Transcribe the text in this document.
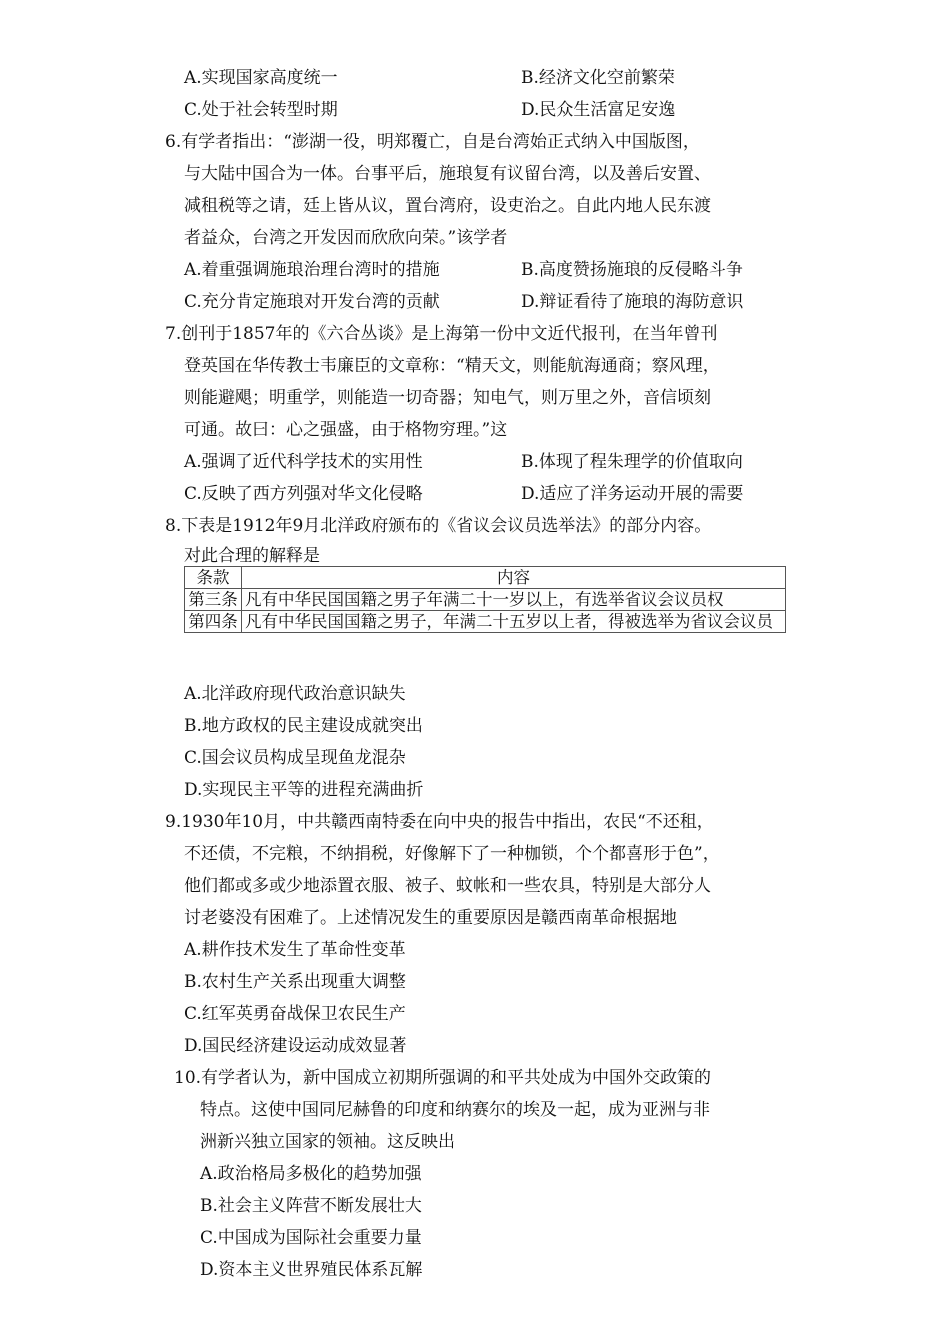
A.实现国家高度统一	B.经济文化空前繁荣
C.处于社会转型时期	D.民众生活富足安逸
6.有学者指出：“澎湖一役，明郑覆亡，自是台湾始正式纳入中国版图，
与大陆中国合为一体。台事平后，施琅复有议留台湾，以及善后安置、
减租税等之请，廷上皆从议，置台湾府，设吏治之。自此内地人民东渡
者益众，台湾之开发因而欣欣向荣。”该学者
A.着重强调施琅治理台湾时的措施	B.高度赞扬施琅的反侵略斗争
C.充分肯定施琅对开发台湾的贡献	D.辩证看待了施琅的海防意识
7.创刊于1857年的《六合丛谈》是上海第一份中文近代报刊，在当年曾刊
登英国在华传教士韦廉臣的文章称：“精天文，则能航海通商；察风理，
则能避飓；明重学，则能造一切奇器；知电气，则万里之外，音信顷刻
可通。故曰：心之强盛，由于格物穷理。”这
A.强调了近代科学技术的实用性	B.体现了程朱理学的价值取向
C.反映了西方列强对华文化侵略	D.适应了洋务运动开展的需要
8.下表是1912年9月北洋政府颁布的《省议会议员选举法》的部分内容。
对此合理的解释是
条款	内容
第三条	凡有中华民国国籍之男子年满二十一岁以上，有选举省议会议员权
第四条	凡有中华民国国籍之男子，年满二十五岁以上者，得被选举为省议会议员
A.北洋政府现代政治意识缺失
B.地方政权的民主建设成就突出
C.国会议员构成呈现鱼龙混杂
D.实现民主平等的进程充满曲折
9.1930年10月，中共赣西南特委在向中央的报告中指出，农民“不还租，
不还债，不完粮，不纳捐税，好像解下了一种枷锁，个个都喜形于色”，
他们都或多或少地添置衣服、被子、蚊帐和一些农具，特别是大部分人
讨老婆没有困难了。上述情况发生的重要原因是赣西南革命根据地
A.耕作技术发生了革命性变革
B.农村生产关系出现重大调整
C.红军英勇奋战保卫农民生产
D.国民经济建设运动成效显著
10.有学者认为，新中国成立初期所强调的和平共处成为中国外交政策的
特点。这使中国同尼赫鲁的印度和纳赛尔的埃及一起，成为亚洲与非
洲新兴独立国家的领袖。这反映出
A.政治格局多极化的趋势加强
B.社会主义阵营不断发展壮大
C.中国成为国际社会重要力量
D.资本主义世界殖民体系瓦解
